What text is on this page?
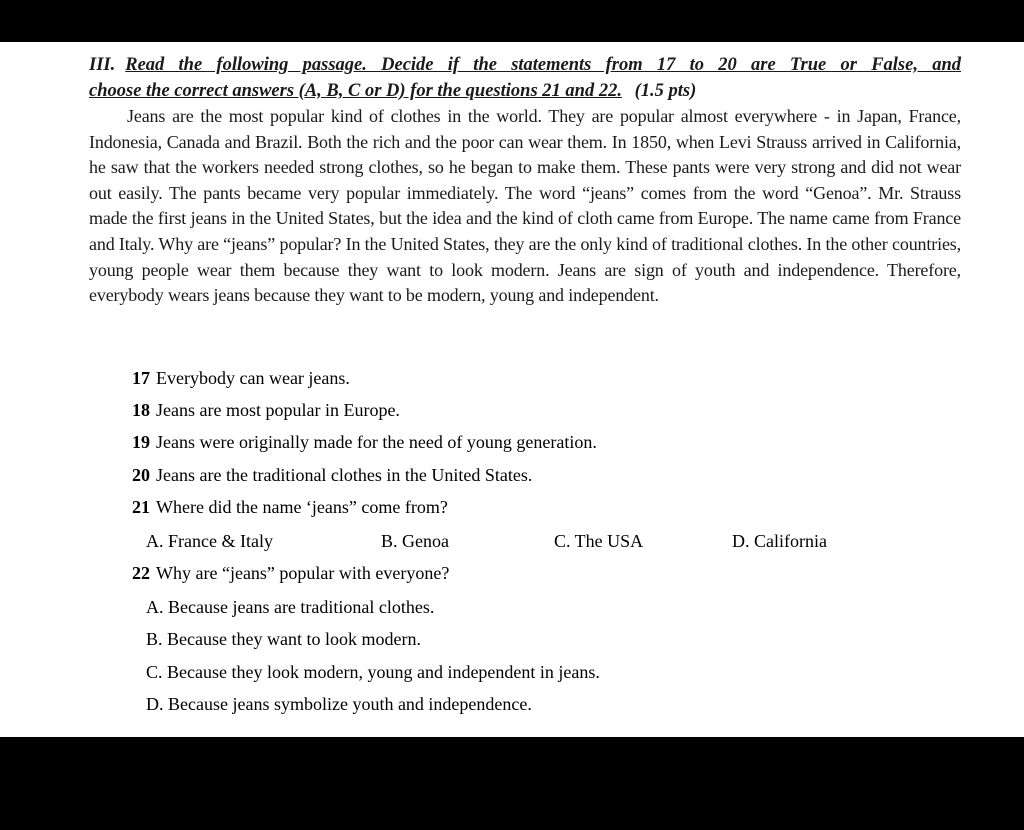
III. Read the following passage. Decide if the statements from 17 to 20 are True or False, and
choose the correct answers (A, B, C or D) for the questions 21 and 22. (1.5 pts)

Jeans are the most popular kind of clothes in the world. They are popular almost everywhere - in Japan, France, Indonesia, Canada and Brazil. Both the rich and the poor can wear them. In 1850, when Levi Strauss arrived in California, he saw that the workers needed strong clothes, so he began to make them. These pants were very strong and did not wear out easily. The pants became very popular immediately. The word “jeans” comes from the word “Genoa”. Mr. Strauss made the first jeans in the United States, but the idea and the kind of cloth came from Europe. The name came from France and Italy. Why are “jeans” popular? In the United States, they are the only kind of traditional clothes. In the other countries, young people wear them because they want to look modern. Jeans are sign of youth and independence. Therefore, everybody wears jeans because they want to be modern, young and independent.

17 Everybody can wear jeans.
18 Jeans are most popular in Europe.
19 Jeans were originally made for the need of young generation.
20 Jeans are the traditional clothes in the United States.
21 Where did the name ‘jeans” come from?
A. France & Italy	B. Genoa	C. The USA	D. California
22 Why are “jeans” popular with everyone?
A. Because jeans are traditional clothes.
B. Because they want to look modern.
C. Because they look modern, young and independent in jeans.
D. Because jeans symbolize youth and independence.
